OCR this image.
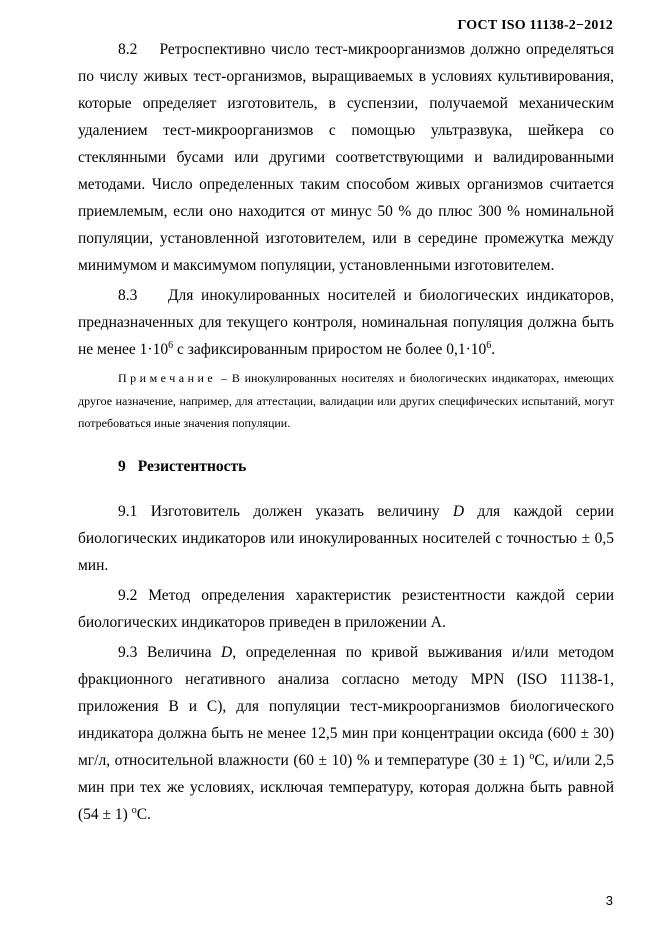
ГОСТ ISO 11138-2−2012

8.2 Ретроспективно число тест-микроорганизмов должно определяться по числу живых тест-организмов, выращиваемых в условиях культивирования, которые определяет изготовитель, в суспензии, получаемой механическим удалением тест-микроорганизмов с помощью ультразвука, шейкера со стеклянными бусами или другими соответствующими и валидированными методами. Число определенных таким способом живых организмов считается приемлемым, если оно находится от минус 50 % до плюс 300 % номинальной популяции, установленной изготовителем, или в середине промежутка между минимумом и максимумом популяции, установленными изготовителем.

8.3 Для инокулированных носителей и биологических индикаторов, предназначенных для текущего контроля, номинальная популяция должна быть не менее $1\cdot 10^6$ с зафиксированным приростом не более $0,1\cdot 10^6$.

Примечание – В инокулированных носителях и биологических индикаторах, имеющих другое назначение, например, для аттестации, валидации или других специфических испытаний, могут потребоваться иные значения популяции.

9 Резистентность

9.1 Изготовитель должен указать величину D для каждой серии биологических индикаторов или инокулированных носителей с точностью ± 0,5 мин.

9.2 Метод определения характеристик резистентности каждой серии биологических индикаторов приведен в приложении А.

9.3 Величина D, определенная по кривой выживания и/или методом фракционного негативного анализа согласно методу MPN (ISO 11138-1, приложения B и C), для популяции тест-микроорганизмов биологического индикатора должна быть не менее 12,5 мин при концентрации оксида (600 ± 30) мг/л, относительной влажности (60 ± 10) % и температуре (30 ± 1) $^o$С, и/или 2,5 мин при тех же условиях, исключая температуру, которая должна быть равной (54 ± 1) $^o$С.

3
